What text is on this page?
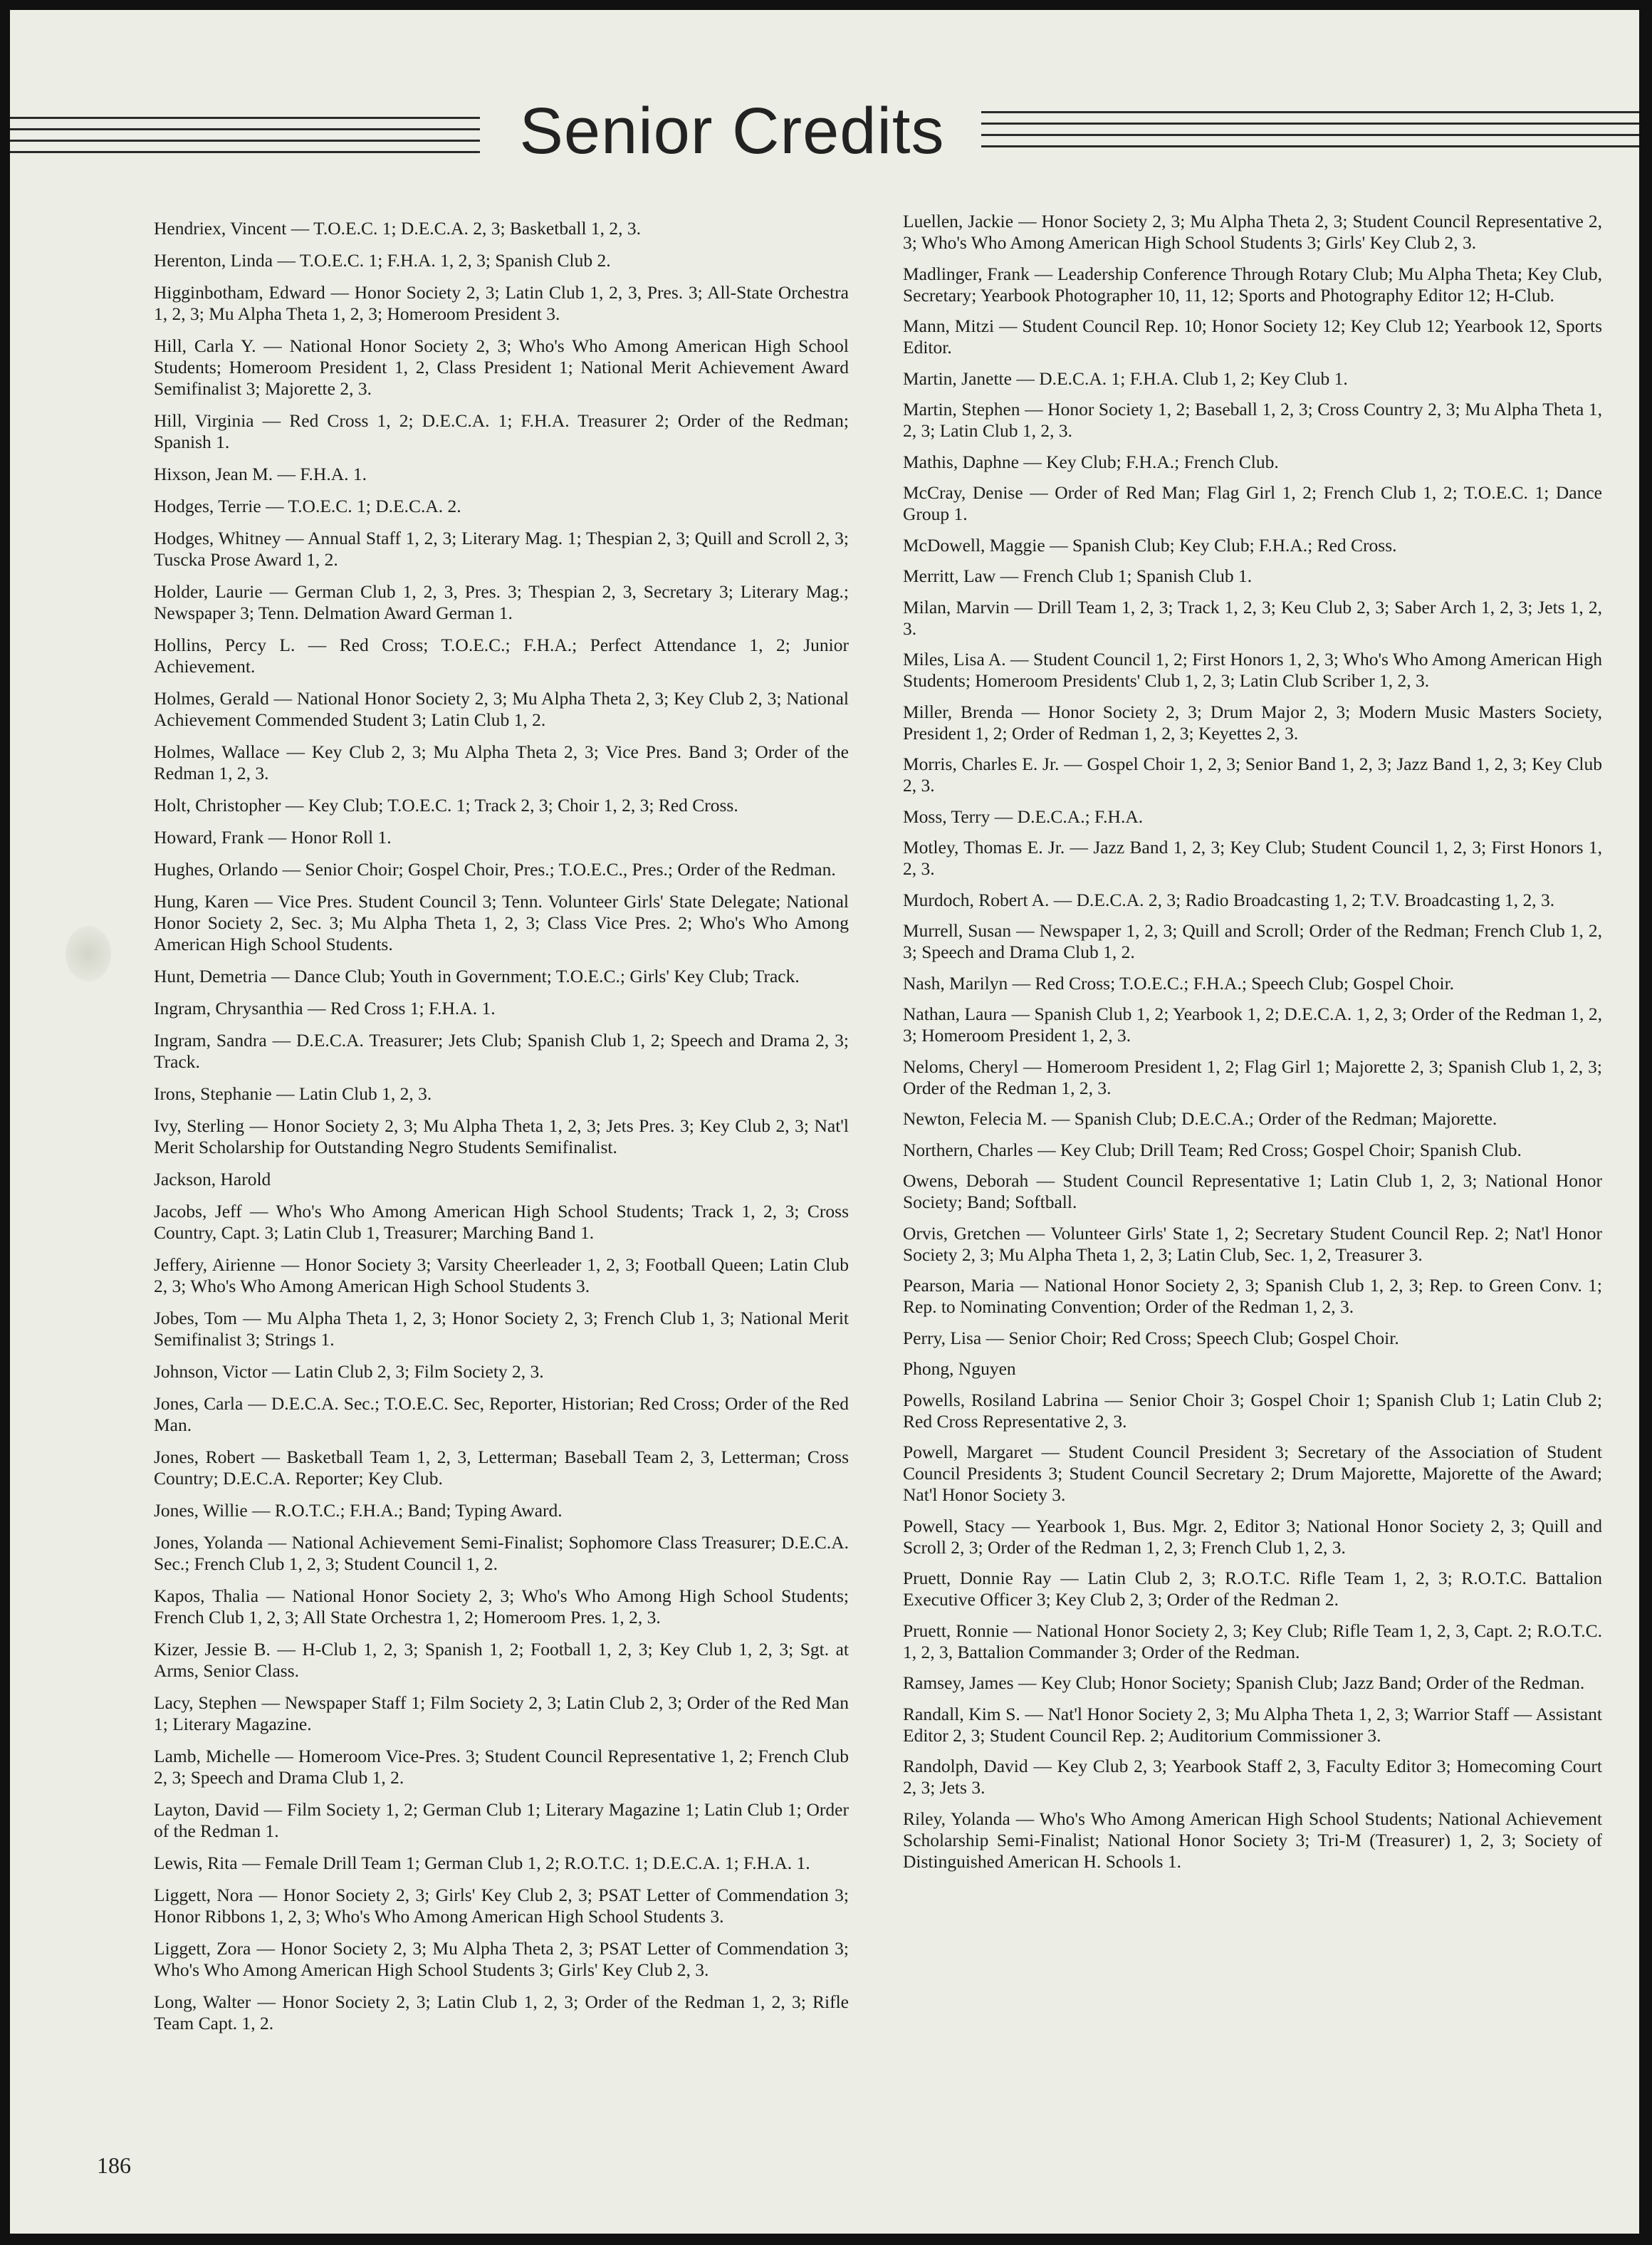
Senior Credits
Hendriex, Vincent — T.O.E.C. 1; D.E.C.A. 2, 3; Basketball 1, 2, 3.
Herenton, Linda — T.O.E.C. 1; F.H.A. 1, 2, 3; Spanish Club 2.
Higginbotham, Edward — Honor Society 2, 3; Latin Club 1, 2, 3, Pres. 3; All-State Orchestra 1, 2, 3; Mu Alpha Theta 1, 2, 3; Homeroom President 3.
Hill, Carla Y. — National Honor Society 2, 3; Who's Who Among American High School Students; Homeroom President 1, 2, Class President 1; National Merit Achievement Award Semifinalist 3; Majorette 2, 3.
Hill, Virginia — Red Cross 1, 2; D.E.C.A. 1; F.H.A. Treasurer 2; Order of the Redman; Spanish 1.
Hixson, Jean M. — F.H.A. 1.
Hodges, Terrie — T.O.E.C. 1; D.E.C.A. 2.
Hodges, Whitney — Annual Staff 1, 2, 3; Literary Mag. 1; Thespian 2, 3; Quill and Scroll 2, 3; Tuscka Prose Award 1, 2.
Holder, Laurie — German Club 1, 2, 3, Pres. 3; Thespian 2, 3, Secretary 3; Literary Mag.; Newspaper 3; Tenn. Delmation Award German 1.
Hollins, Percy L. — Red Cross; T.O.E.C.; F.H.A.; Perfect Attendance 1, 2; Junior Achievement.
Holmes, Gerald — National Honor Society 2, 3; Mu Alpha Theta 2, 3; Key Club 2, 3; National Achievement Commended Student 3; Latin Club 1, 2.
Holmes, Wallace — Key Club 2, 3; Mu Alpha Theta 2, 3; Vice Pres. Band 3; Order of the Redman 1, 2, 3.
Holt, Christopher — Key Club; T.O.E.C. 1; Track 2, 3; Choir 1, 2, 3; Red Cross.
Howard, Frank — Honor Roll 1.
Hughes, Orlando — Senior Choir; Gospel Choir, Pres.; T.O.E.C., Pres.; Order of the Redman.
Hung, Karen — Vice Pres. Student Council 3; Tenn. Volunteer Girls' State Delegate; National Honor Society 2, Sec. 3; Mu Alpha Theta 1, 2, 3; Class Vice Pres. 2; Who's Who Among American High School Students.
Hunt, Demetria — Dance Club; Youth in Government; T.O.E.C.; Girls' Key Club; Track.
Ingram, Chrysanthia — Red Cross 1; F.H.A. 1.
Ingram, Sandra — D.E.C.A. Treasurer; Jets Club; Spanish Club 1, 2; Speech and Drama 2, 3; Track.
Irons, Stephanie — Latin Club 1, 2, 3.
Ivy, Sterling — Honor Society 2, 3; Mu Alpha Theta 1, 2, 3; Jets Pres. 3; Key Club 2, 3; Nat'l Merit Scholarship for Outstanding Negro Students Semifinalist.
Jackson, Harold
Jacobs, Jeff — Who's Who Among American High School Students; Track 1, 2, 3; Cross Country, Capt. 3; Latin Club 1, Treasurer; Marching Band 1.
Jeffery, Airienne — Honor Society 3; Varsity Cheerleader 1, 2, 3; Football Queen; Latin Club 2, 3; Who's Who Among American High School Students 3.
Jobes, Tom — Mu Alpha Theta 1, 2, 3; Honor Society 2, 3; French Club 1, 3; National Merit Semifinalist 3; Strings 1.
Johnson, Victor — Latin Club 2, 3; Film Society 2, 3.
Jones, Carla — D.E.C.A. Sec.; T.O.E.C. Sec, Reporter, Historian; Red Cross; Order of the Red Man.
Jones, Robert — Basketball Team 1, 2, 3, Letterman; Baseball Team 2, 3, Letterman; Cross Country; D.E.C.A. Reporter; Key Club.
Jones, Willie — R.O.T.C.; F.H.A.; Band; Typing Award.
Jones, Yolanda — National Achievement Semi-Finalist; Sophomore Class Treasurer; D.E.C.A. Sec.; French Club 1, 2, 3; Student Council 1, 2.
Kapos, Thalia — National Honor Society 2, 3; Who's Who Among High School Students; French Club 1, 2, 3; All State Orchestra 1, 2; Homeroom Pres. 1, 2, 3.
Kizer, Jessie B. — H-Club 1, 2, 3; Spanish 1, 2; Football 1, 2, 3; Key Club 1, 2, 3; Sgt. at Arms, Senior Class.
Lacy, Stephen — Newspaper Staff 1; Film Society 2, 3; Latin Club 2, 3; Order of the Red Man 1; Literary Magazine.
Lamb, Michelle — Homeroom Vice-Pres. 3; Student Council Representative 1, 2; French Club 2, 3; Speech and Drama Club 1, 2.
Layton, David — Film Society 1, 2; German Club 1; Literary Magazine 1; Latin Club 1; Order of the Redman 1.
Lewis, Rita — Female Drill Team 1; German Club 1, 2; R.O.T.C. 1; D.E.C.A. 1; F.H.A. 1.
Liggett, Nora — Honor Society 2, 3; Girls' Key Club 2, 3; PSAT Letter of Commendation 3; Honor Ribbons 1, 2, 3; Who's Who Among American High School Students 3.
Liggett, Zora — Honor Society 2, 3; Mu Alpha Theta 2, 3; PSAT Letter of Commendation 3; Who's Who Among American High School Students 3; Girls' Key Club 2, 3.
Long, Walter — Honor Society 2, 3; Latin Club 1, 2, 3; Order of the Redman 1, 2, 3; Rifle Team Capt. 1, 2.
Luellen, Jackie — Honor Society 2, 3; Mu Alpha Theta 2, 3; Student Council Representative 2, 3; Who's Who Among American High School Students 3; Girls' Key Club 2, 3.
Madlinger, Frank — Leadership Conference Through Rotary Club; Mu Alpha Theta; Key Club, Secretary; Yearbook Photographer 10, 11, 12; Sports and Photography Editor 12; H-Club.
Mann, Mitzi — Student Council Rep. 10; Honor Society 12; Key Club 12; Yearbook 12, Sports Editor.
Martin, Janette — D.E.C.A. 1; F.H.A. Club 1, 2; Key Club 1.
Martin, Stephen — Honor Society 1, 2; Baseball 1, 2, 3; Cross Country 2, 3; Mu Alpha Theta 1, 2, 3; Latin Club 1, 2, 3.
Mathis, Daphne — Key Club; F.H.A.; French Club.
McCray, Denise — Order of Red Man; Flag Girl 1, 2; French Club 1, 2; T.O.E.C. 1; Dance Group 1.
McDowell, Maggie — Spanish Club; Key Club; F.H.A.; Red Cross.
Merritt, Law — French Club 1; Spanish Club 1.
Milan, Marvin — Drill Team 1, 2, 3; Track 1, 2, 3; Keu Club 2, 3; Saber Arch 1, 2, 3; Jets 1, 2, 3.
Miles, Lisa A. — Student Council 1, 2; First Honors 1, 2, 3; Who's Who Among American High Students; Homeroom Presidents' Club 1, 2, 3; Latin Club Scriber 1, 2, 3.
Miller, Brenda — Honor Society 2, 3; Drum Major 2, 3; Modern Music Masters Society, President 1, 2; Order of Redman 1, 2, 3; Keyettes 2, 3.
Morris, Charles E. Jr. — Gospel Choir 1, 2, 3; Senior Band 1, 2, 3; Jazz Band 1, 2, 3; Key Club 2, 3.
Moss, Terry — D.E.C.A.; F.H.A.
Motley, Thomas E. Jr. — Jazz Band 1, 2, 3; Key Club; Student Council 1, 2, 3; First Honors 1, 2, 3.
Murdoch, Robert A. — D.E.C.A. 2, 3; Radio Broadcasting 1, 2; T.V. Broadcasting 1, 2, 3.
Murrell, Susan — Newspaper 1, 2, 3; Quill and Scroll; Order of the Redman; French Club 1, 2, 3; Speech and Drama Club 1, 2.
Nash, Marilyn — Red Cross; T.O.E.C.; F.H.A.; Speech Club; Gospel Choir.
Nathan, Laura — Spanish Club 1, 2; Yearbook 1, 2; D.E.C.A. 1, 2, 3; Order of the Redman 1, 2, 3; Homeroom President 1, 2, 3.
Neloms, Cheryl — Homeroom President 1, 2; Flag Girl 1; Majorette 2, 3; Spanish Club 1, 2, 3; Order of the Redman 1, 2, 3.
Newton, Felecia M. — Spanish Club; D.E.C.A.; Order of the Redman; Majorette.
Northern, Charles — Key Club; Drill Team; Red Cross; Gospel Choir; Spanish Club.
Owens, Deborah — Student Council Representative 1; Latin Club 1, 2, 3; National Honor Society; Band; Softball.
Orvis, Gretchen — Volunteer Girls' State 1, 2; Secretary Student Council Rep. 2; Nat'l Honor Society 2, 3; Mu Alpha Theta 1, 2, 3; Latin Club, Sec. 1, 2, Treasurer 3.
Pearson, Maria — National Honor Society 2, 3; Spanish Club 1, 2, 3; Rep. to Green Conv. 1; Rep. to Nominating Convention; Order of the Redman 1, 2, 3.
Perry, Lisa — Senior Choir; Red Cross; Speech Club; Gospel Choir.
Phong, Nguyen
Powells, Rosiland Labrina — Senior Choir 3; Gospel Choir 1; Spanish Club 1; Latin Club 2; Red Cross Representative 2, 3.
Powell, Margaret — Student Council President 3; Secretary of the Association of Student Council Presidents 3; Student Council Secretary 2; Drum Majorette, Majorette of the Award; Nat'l Honor Society 3.
Powell, Stacy — Yearbook 1, Bus. Mgr. 2, Editor 3; National Honor Society 2, 3; Quill and Scroll 2, 3; Order of the Redman 1, 2, 3; French Club 1, 2, 3.
Pruett, Donnie Ray — Latin Club 2, 3; R.O.T.C. Rifle Team 1, 2, 3; R.O.T.C. Battalion Executive Officer 3; Key Club 2, 3; Order of the Redman 2.
Pruett, Ronnie — National Honor Society 2, 3; Key Club; Rifle Team 1, 2, 3, Capt. 2; R.O.T.C. 1, 2, 3, Battalion Commander 3; Order of the Redman.
Ramsey, James — Key Club; Honor Society; Spanish Club; Jazz Band; Order of the Redman.
Randall, Kim S. — Nat'l Honor Society 2, 3; Mu Alpha Theta 1, 2, 3; Warrior Staff — Assistant Editor 2, 3; Student Council Rep. 2; Auditorium Commissioner 3.
Randolph, David — Key Club 2, 3; Yearbook Staff 2, 3, Faculty Editor 3; Homecoming Court 2, 3; Jets 3.
Riley, Yolanda — Who's Who Among American High School Students; National Achievement Scholarship Semi-Finalist; National Honor Society 3; Tri-M (Treasurer) 1, 2, 3; Society of Distinguished American H. Schools 1.
186
